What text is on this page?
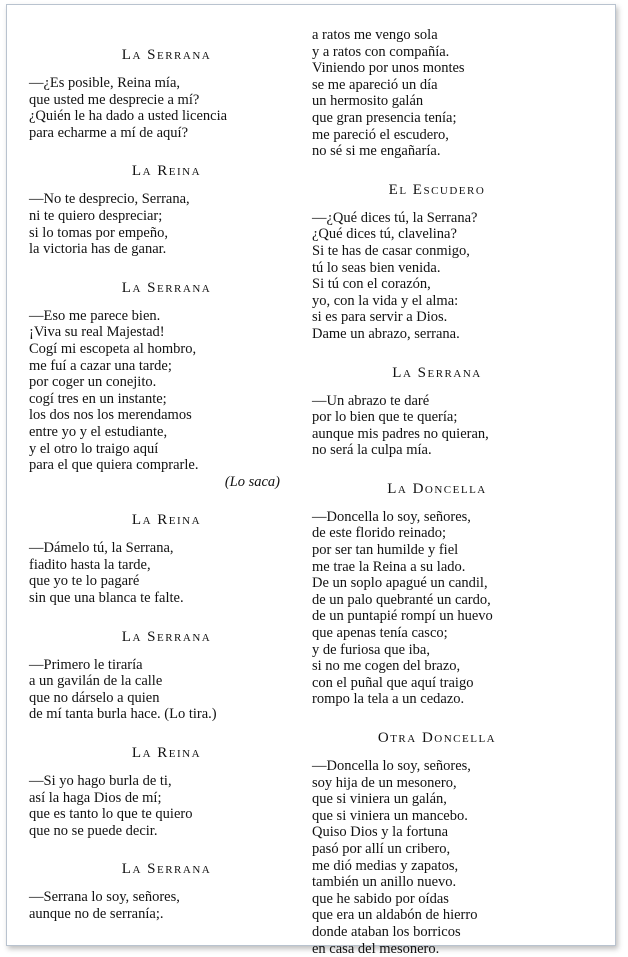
La Serrana
—¿Es posible, Reina mía,
que usted me desprecie a mí?
¿Quién le ha dado a usted licencia
para echarme a mí de aquí?
La Reina
—No te desprecio, Serrana,
ni te quiero despreciar;
si lo tomas por empeño,
la victoria has de ganar.
La Serrana
—Eso me parece bien.
¡Viva su real Majestad!
Cogí mi escopeta al hombro,
me fuí a cazar una tarde;
por coger un conejito.
cogí tres en un instante;
los dos nos los merendamos
entre yo y el estudiante,
y el otro lo traigo aquí
para el que quiera comprarle.
(Lo saca)
La Reina
—Dámelo tú, la Serrana,
fiadito hasta la tarde,
que yo te lo pagaré
sin que una blanca te falte.
La Serrana
—Primero le tiraría
a un gavilán de la calle
que no dárselo a quien
de mí tanta burla hace. (Lo tira.)
La Reina
—Si yo hago burla de ti,
así la haga Dios de mí;
que es tanto lo que te quiero
que no se puede decir.
La Serrana
—Serrana lo soy, señores,
aunque no de serranía;.
a ratos me vengo sola
y a ratos con compañía.
Viniendo por unos montes
se me apareció un día
un hermosito galán
que gran presencia tenía;
me pareció el escudero,
no sé si me engañaría.
El Escudero
—¿Qué dices tú, la Serrana?
¿Qué dices tú, clavelina?
Si te has de casar conmigo,
tú lo seas bien venida.
Si tú con el corazón,
yo, con la vida y el alma:
si es para servir a Dios.
Dame un abrazo, serrana.
La Serrana
—Un abrazo te daré
por lo bien que te quería;
aunque mis padres no quieran,
no será la culpa mía.
La Doncella
—Doncella lo soy, señores,
de este florido reinado;
por ser tan humilde y fiel
me trae la Reina a su lado.
De un soplo apagué un candil,
de un palo quebranté un cardo,
de un puntapié rompí un huevo
que apenas tenía casco;
y de furiosa que iba,
si no me cogen del brazo,
con el puñal que aquí traigo
rompo la tela a un cedazo.
Otra Doncella
—Doncella lo soy, señores,
soy hija de un mesonero,
que si viniera un galán,
que si viniera un mancebo.
Quiso Dios y la fortuna
pasó por allí un cribero,
me dió medias y zapatos,
también un anillo nuevo.
que he sabido por oídas
que era un aldabón de hierro
donde ataban los borricos
en casa del mesonero.
